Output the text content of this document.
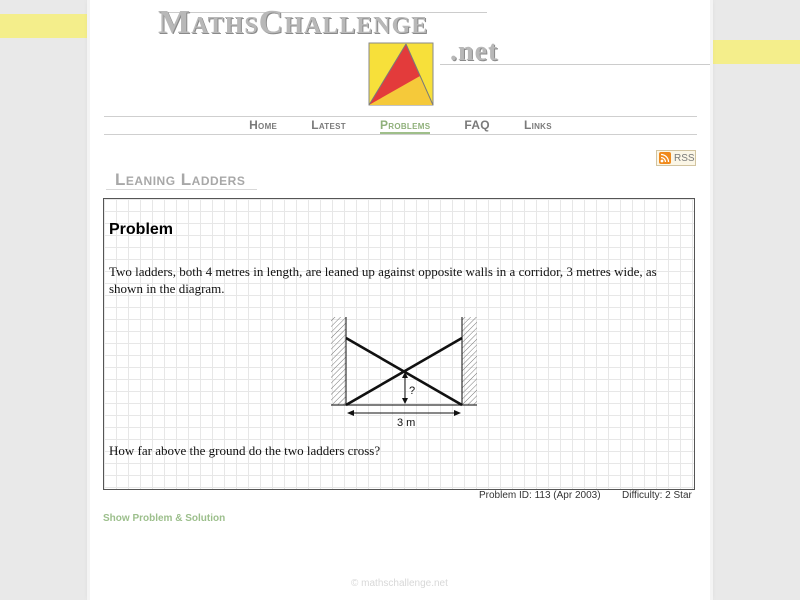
MathsChallenge
.net
Home	Latest	Problems	FAQ	Links
RSS
Leaning Ladders
Problem
Two ladders, both 4 metres in length, are leaned up against opposite walls in a corridor, 3 metres wide, as shown in the diagram.
?
3 m
How far above the ground do the two ladders cross?
Problem ID: 113 (Apr 2003) Difficulty: 2 Star
Show Problem & Solution
© mathschallenge.net
